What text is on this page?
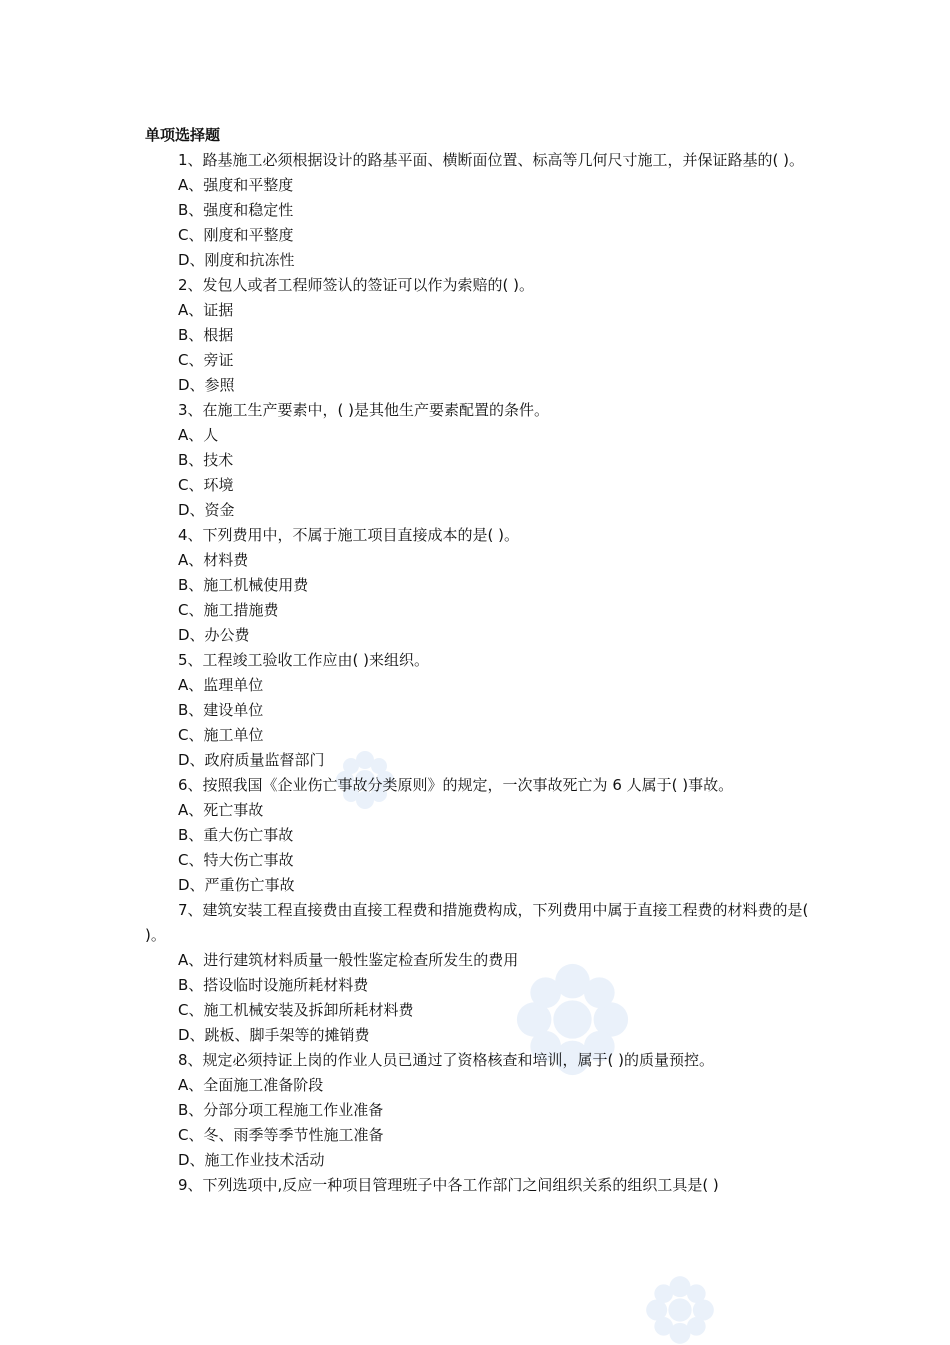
单项选择题
1、路基施工必须根据设计的路基平面、横断面位置、标高等几何尺寸施工，并保证路基的( )。
A、强度和平整度
B、强度和稳定性
C、刚度和平整度
D、刚度和抗冻性
2、发包人或者工程师签认的签证可以作为索赔的( )。
A、证据
B、根据
C、旁证
D、参照
3、在施工生产要素中，( )是其他生产要素配置的条件。
A、人
B、技术
C、环境
D、资金
4、下列费用中，不属于施工项目直接成本的是( )。
A、材料费
B、施工机械使用费
C、施工措施费
D、办公费
5、工程竣工验收工作应由( )来组织。
A、监理单位
B、建设单位
C、施工单位
D、政府质量监督部门
6、按照我国《企业伤亡事故分类原则》的规定，一次事故死亡为 6 人属于( )事故。
A、死亡事故
B、重大伤亡事故
C、特大伤亡事故
D、严重伤亡事故
7、建筑安装工程直接费由直接工程费和措施费构成，下列费用中属于直接工程费的材料费的是( )。
A、进行建筑材料质量一般性鉴定检查所发生的费用
B、搭设临时设施所耗材料费
C、施工机械安装及拆卸所耗材料费
D、跳板、脚手架等的摊销费
8、规定必须持证上岗的作业人员已通过了资格核查和培训，属于( )的质量预控。
A、全面施工准备阶段
B、分部分项工程施工作业准备
C、冬、雨季等季节性施工准备
D、施工作业技术活动
9、下列选项中,反应一种项目管理班子中各工作部门之间组织关系的组织工具是( )
